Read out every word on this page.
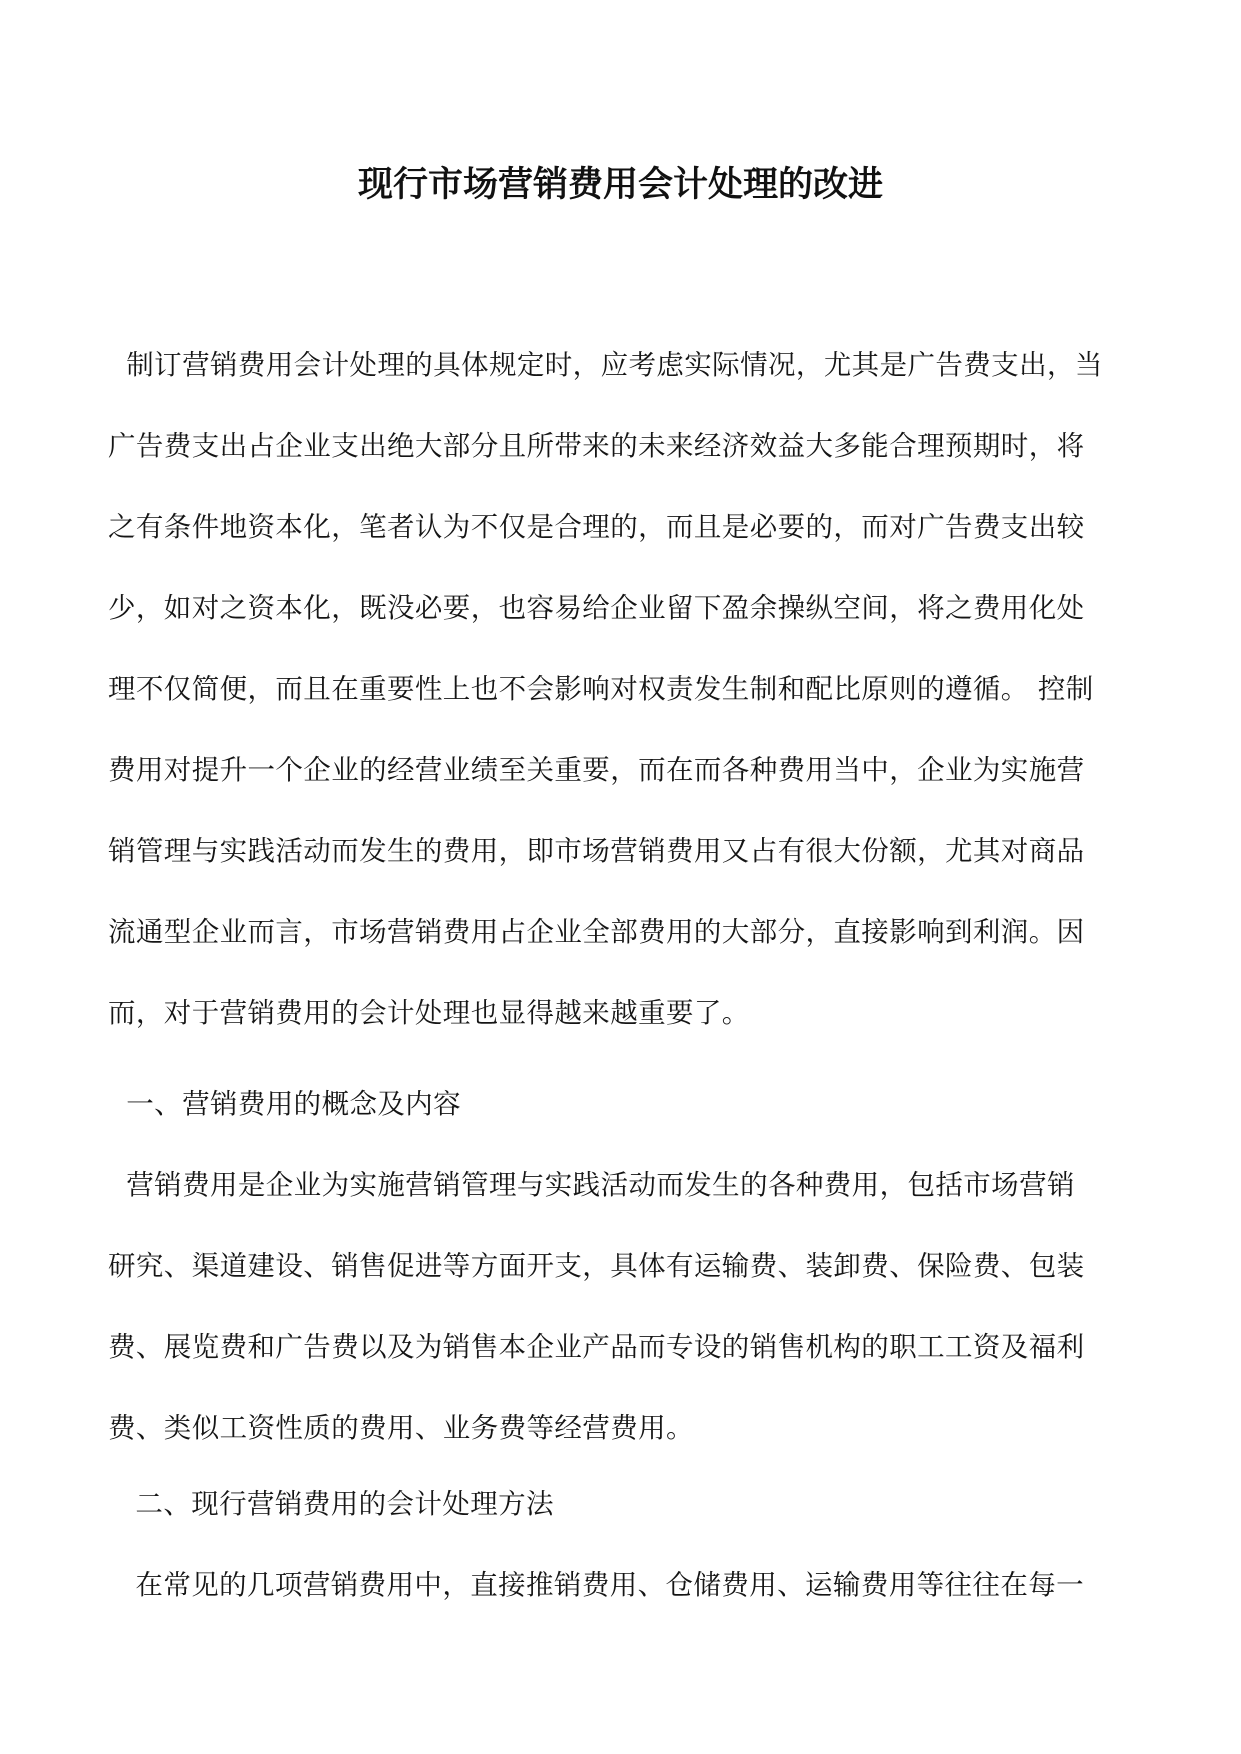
现行市场营销费用会计处理的改进
制订营销费用会计处理的具体规定时，应考虑实际情况，尤其是广告费支出，当
广告费支出占企业支出绝大部分且所带来的未来经济效益大多能合理预期时，将
之有条件地资本化，笔者认为不仅是合理的，而且是必要的，而对广告费支出较
少，如对之资本化，既没必要，也容易给企业留下盈余操纵空间，将之费用化处
理不仅简便，而且在重要性上也不会影响对权责发生制和配比原则的遵循。 控制
费用对提升一个企业的经营业绩至关重要，而在而各种费用当中，企业为实施营
销管理与实践活动而发生的费用，即市场营销费用又占有很大份额，尤其对商品
流通型企业而言，市场营销费用占企业全部费用的大部分，直接影响到利润。因
而，对于营销费用的会计处理也显得越来越重要了。
一、营销费用的概念及内容
营销费用是企业为实施营销管理与实践活动而发生的各种费用，包括市场营销
研究、渠道建设、销售促进等方面开支，具体有运输费、装卸费、保险费、包装
费、展览费和广告费以及为销售本企业产品而专设的销售机构的职工工资及福利
费、类似工资性质的费用、业务费等经营费用。
二、现行营销费用的会计处理方法
在常见的几项营销费用中，直接推销费用、仓储费用、运输费用等往往在每一
